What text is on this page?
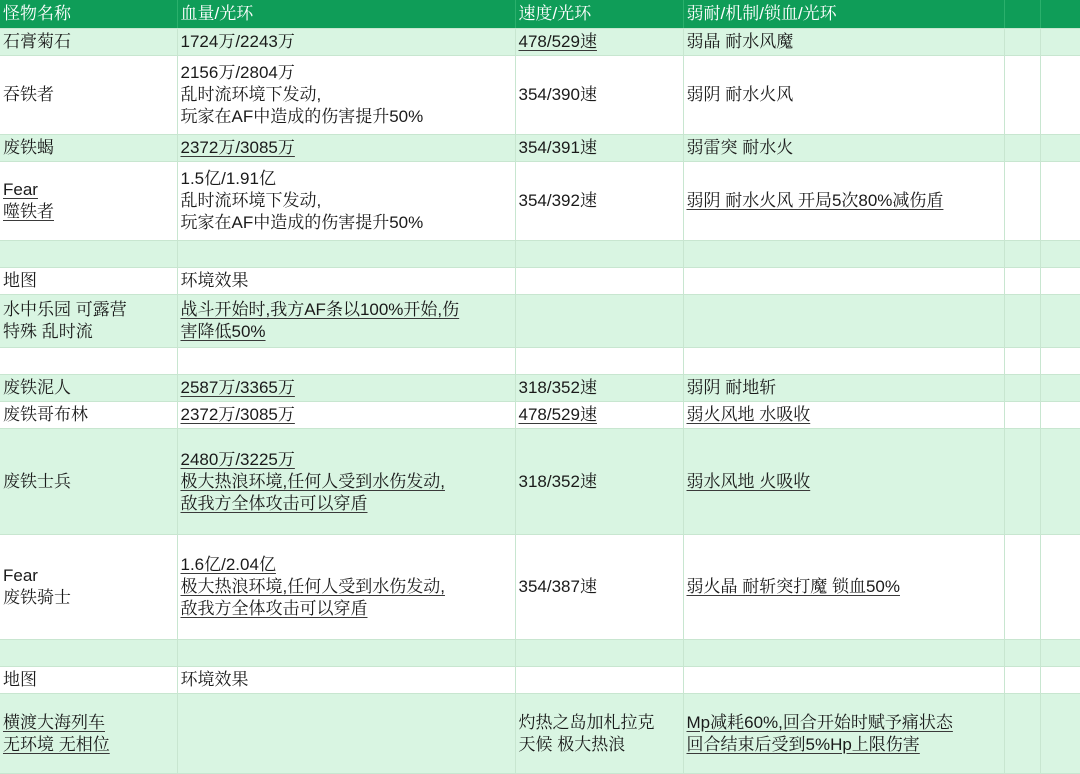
怪物名称	血量/光环	速度/光环	弱耐/机制/锁血/光环		

石膏菊石	1724万/2243万	478/529速	弱晶 耐水风魔		

吞铁者	2156万/2804万
乱时流环境下发动,
玩家在AF中造成的伤害提升50%	354/390速	弱阴 耐水火风		

废铁蝎	2372万/3085万	354/391速	弱雷突 耐水火		

Fear
噬铁者	1.5亿/1.91亿
乱时流环境下发动,
玩家在AF中造成的伤害提升50%	354/392速	弱阴 耐水火风 开局5次80%减伤盾		

地图	环境效果				

水中乐园 可露营
特殊 乱时流	战斗开始时,我方AF条以100%开始,伤
害降低50%				

废铁泥人	2587万/3365万	318/352速	弱阴 耐地斩		

废铁哥布林	2372万/3085万	478/529速	弱火风地 水吸收		

废铁士兵	2480万/3225万
极大热浪环境,任何人受到水伤发动,
敌我方全体攻击可以穿盾	318/352速	弱水风地 火吸收		

Fear
废铁骑士	1.6亿/2.04亿
极大热浪环境,任何人受到水伤发动,
敌我方全体攻击可以穿盾	354/387速	弱火晶 耐斩突打魔 锁血50%		

地图	环境效果				

横渡大海列车
无环境 无相位		灼热之岛加札拉克
天候 极大热浪	Mp减耗60%,回合开始时赋予痛状态
回合结束后受到5%Hp上限伤害		
